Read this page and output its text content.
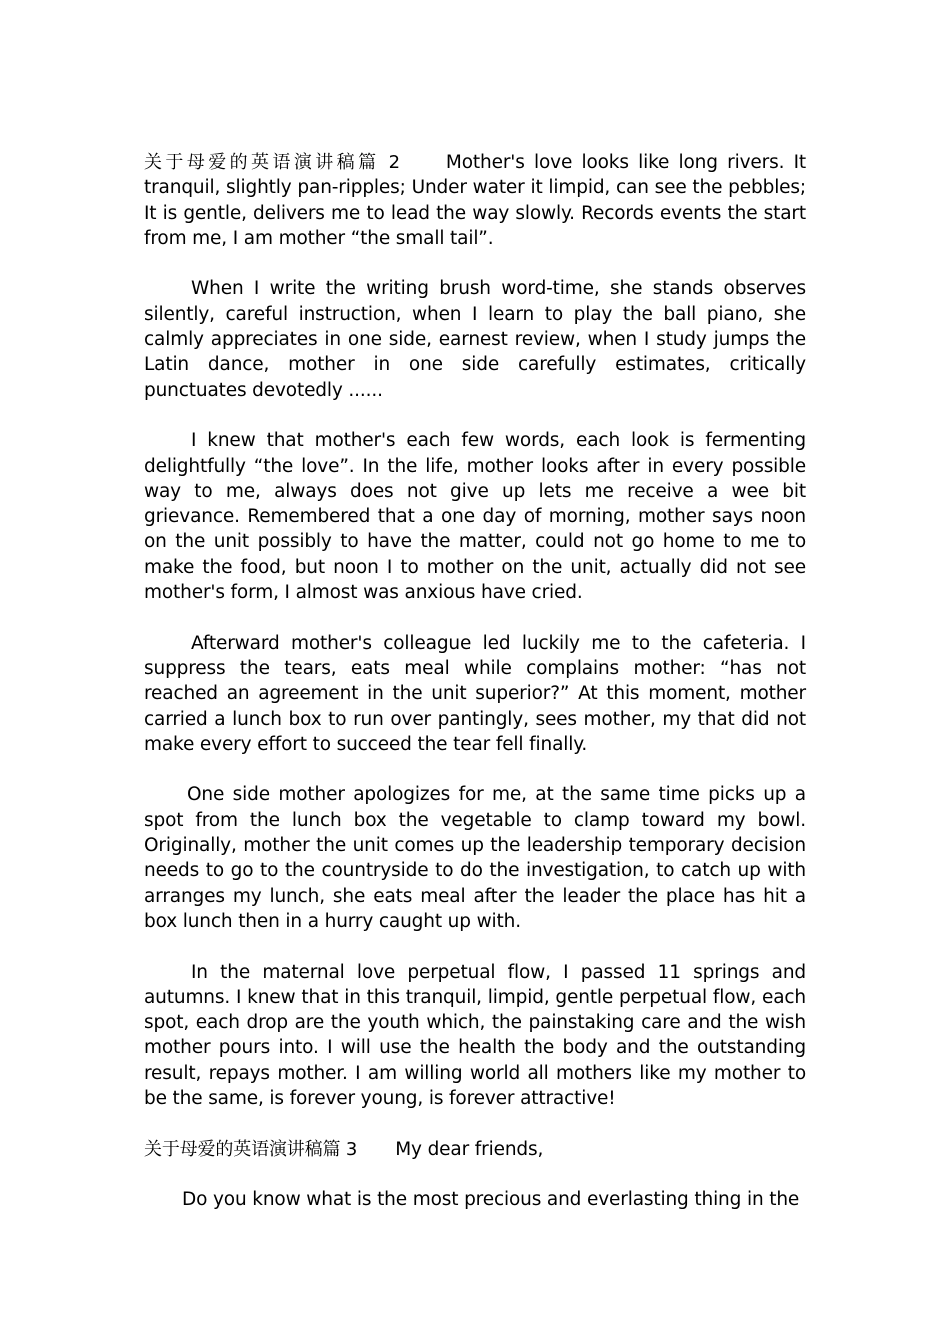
关于母爱的英语演讲稿篇 2 Mother's love looks like long rivers. It tranquil, slightly pan-ripples; Under water it limpid, can see the pebbles; It is gentle, delivers me to lead the way slowly. Records events the start from me, I am mother “the small tail”.

When I write the writing brush word-time, she stands observes silently, careful instruction, when I learn to play the ball piano, she calmly appreciates in one side, earnest review, when I study jumps the Latin dance, mother in one side carefully estimates, critically punctuates devotedly ......

I knew that mother's each few words, each look is fermenting delightfully “the love”. In the life, mother looks after in every possible way to me, always does not give up lets me receive a wee bit grievance. Remembered that a one day of morning, mother says noon on the unit possibly to have the matter, could not go home to me to make the food, but noon I to mother on the unit, actually did not see mother's form, I almost was anxious have cried.

Afterward mother's colleague led luckily me to the cafeteria. I suppress the tears, eats meal while complains mother: “has not reached an agreement in the unit superior?” At this moment, mother carried a lunch box to run over pantingly, sees mother, my that did not make every effort to succeed the tear fell finally.

One side mother apologizes for me, at the same time picks up a spot from the lunch box the vegetable to clamp toward my bowl. Originally, mother the unit comes up the leadership temporary decision needs to go to the countryside to do the investigation, to catch up with arranges my lunch, she eats meal after the leader the place has hit a box lunch then in a hurry caught up with.

In the maternal love perpetual flow, I passed 11 springs and autumns. I knew that in this tranquil, limpid, gentle perpetual flow, each spot, each drop are the youth which, the painstaking care and the wish mother pours into. I will use the health the body and the outstanding result, repays mother. I am willing world all mothers like my mother to be the same, is forever young, is forever attractive!

关于母爱的英语演讲稿篇 3 My dear friends,

Do you know what is the most precious and everlasting thing in the
